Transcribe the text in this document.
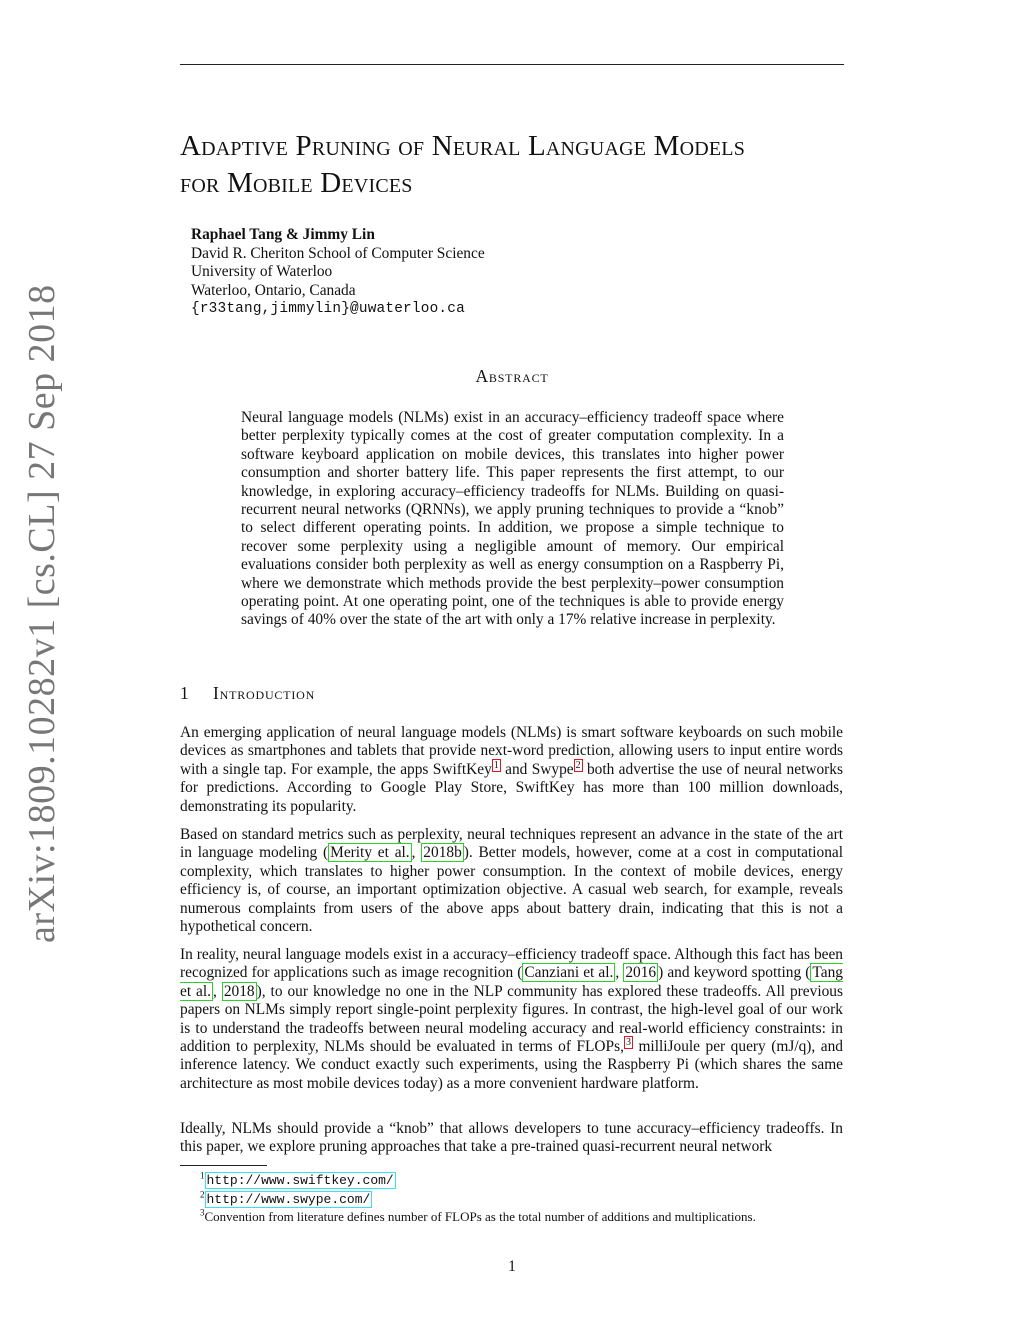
arXiv:1809.10282v1 [cs.CL] 27 Sep 2018
Adaptive Pruning of Neural Language Models
for Mobile Devices
Raphael Tang & Jimmy Lin
David R. Cheriton School of Computer Science
University of Waterloo
Waterloo, Ontario, Canada
{r33tang,jimmylin}@uwaterloo.ca
Abstract
Neural language models (NLMs) exist in an accuracy–efficiency tradeoff space where better perplexity typically comes at the cost of greater computation complexity. In a software keyboard application on mobile devices, this translates into higher power consumption and shorter battery life. This paper represents the first attempt, to our knowledge, in exploring accuracy–efficiency tradeoffs for NLMs. Building on quasi-recurrent neural networks (QRNNs), we apply pruning techniques to provide a “knob” to select different operating points. In addition, we propose a simple technique to recover some perplexity using a negligible amount of memory. Our empirical evaluations consider both perplexity as well as energy consumption on a Raspberry Pi, where we demonstrate which methods provide the best perplexity–power consumption operating point. At one operating point, one of the techniques is able to provide energy savings of 40% over the state of the art with only a 17% relative increase in perplexity.
1 Introduction

An emerging application of neural language models (NLMs) is smart software keyboards on such mobile devices as smartphones and tablets that provide next-word prediction, allowing users to input entire words with a single tap. For example, the apps SwiftKey $^1$ and Swype $^2$ both advertise the use of neural networks for predictions. According to Google Play Store, SwiftKey has more than 100 million downloads, demonstrating its popularity.

Based on standard metrics such as perplexity, neural techniques represent an advance in the state of the art in language modeling ( Merity et al. , 2018b ). Better models, however, come at a cost in computational complexity, which translates to higher power consumption. In the context of mobile devices, energy efficiency is, of course, an important optimization objective. A casual web search, for example, reveals numerous complaints from users of the above apps about battery drain, indicating that this is not a hypothetical concern.

In reality, neural language models exist in a accuracy–efficiency tradeoff space. Although this fact has been recognized for applications such as image recognition ( Canziani et al. , 2016 ) and keyword spotting ( Tang et al. , 2018 ), to our knowledge no one in the NLP community has explored these tradeoffs. All previous papers on NLMs simply report single-point perplexity figures. In contrast, the high-level goal of our work is to understand the tradeoffs between neural modeling accuracy and real-world efficiency constraints: in addition to perplexity, NLMs should be evaluated in terms of FLOPs, $^3$ milliJoule per query (mJ/q), and inference latency. We conduct exactly such experiments, using the Raspberry Pi (which shares the same architecture as most mobile devices today) as a more convenient hardware platform.

Ideally, NLMs should provide a “knob” that allows developers to tune accuracy–efficiency tradeoffs. In this paper, we explore pruning approaches that take a pre-trained quasi-recurrent neural network

$^1$ http://www.swiftkey.com/
$^2$ http://www.swype.com/
$^3$Convention from literature defines number of FLOPs as the total number of additions and multiplications.
1
